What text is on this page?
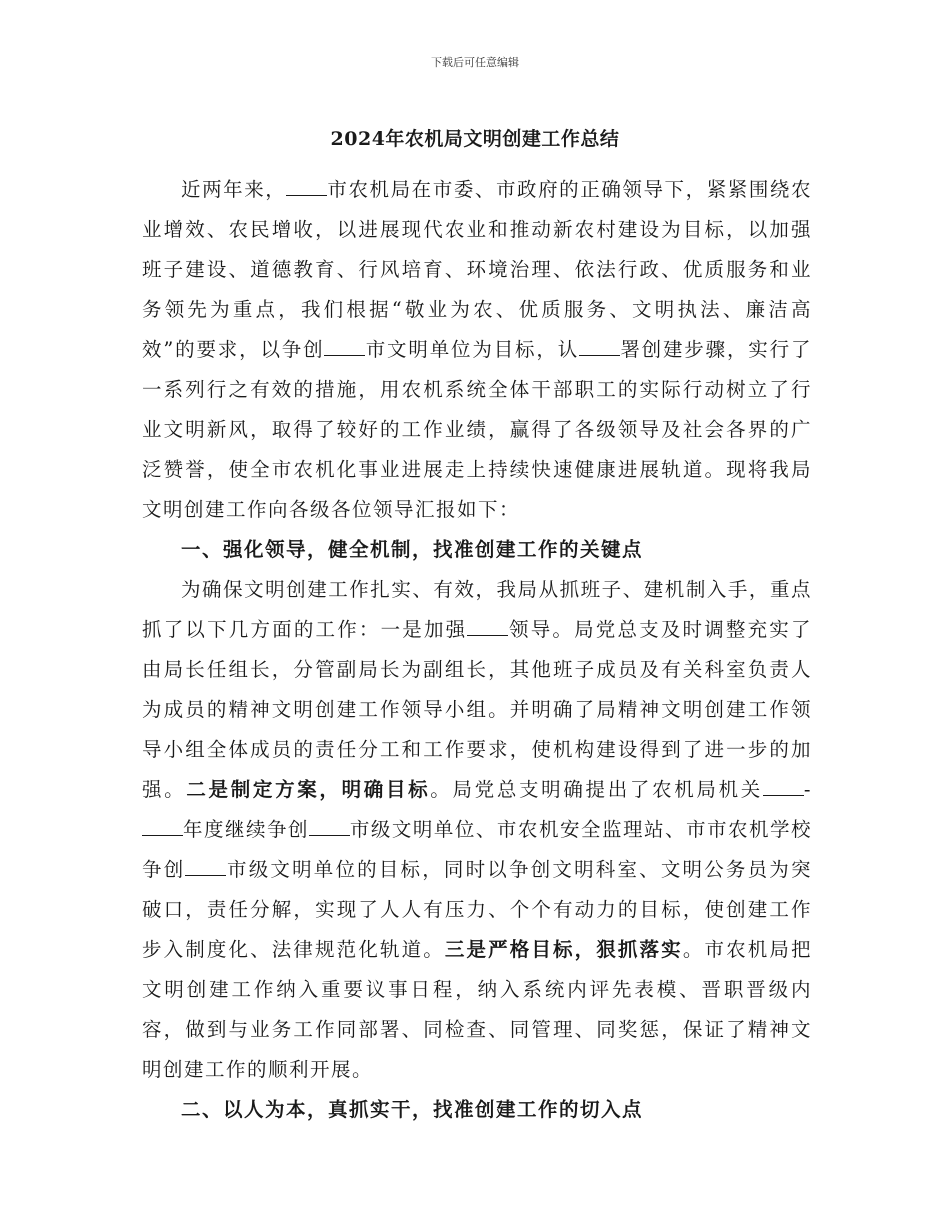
下载后可任意编辑
2024年农机局文明创建工作总结

近两年来， 市农机局在市委、市政府的正确领导下，紧紧围绕农业增效、农民增收，以进展现代农业和推动新农村建设为目标，以加强班子建设、道德教育、行风培育、环境治理、依法行政、优质服务和业务领先为重点，我们根据“敬业为农、优质服务、文明执法、廉洁高效”的要求，以争创 市文明单位为目标，认 署创建步骤，实行了一系列行之有效的措施，用农机系统全体干部职工的实际行动树立了行业文明新风，取得了较好的工作业绩，赢得了各级领导及社会各界的广泛赞誉，使全市农机化事业进展走上持续快速健康进展轨道。现将我局文明创建工作向各级各位领导汇报如下：

一、强化领导，健全机制，找准创建工作的关键点

为确保文明创建工作扎实、有效，我局从抓班子、建机制入手，重点抓了以下几方面的工作：一是加强 领导。局党总支及时调整充实了由局长任组长，分管副局长为副组长，其他班子成员及有关科室负责人为成员的精神文明创建工作领导小组。并明确了局精神文明创建工作领导小组全体成员的责任分工和工作要求，使机构建设得到了进一步的加强。二是制定方案，明确目标。局党总支明确提出了农机局机关 -年度继续争创 市级文明单位、市农机安全监理站、市市农机学校争创 市级文明单位的目标，同时以争创文明科室、文明公务员为突破口，责任分解，实现了人人有压力、个个有动力的目标，使创建工作步入制度化、法律规范化轨道。三是严格目标，狠抓落实。市农机局把文明创建工作纳入重要议事日程，纳入系统内评先表模、晋职晋级内容，做到与业务工作同部署、同检查、同管理、同奖惩，保证了精神文明创建工作的顺利开展。

二、以人为本，真抓实干，找准创建工作的切入点
